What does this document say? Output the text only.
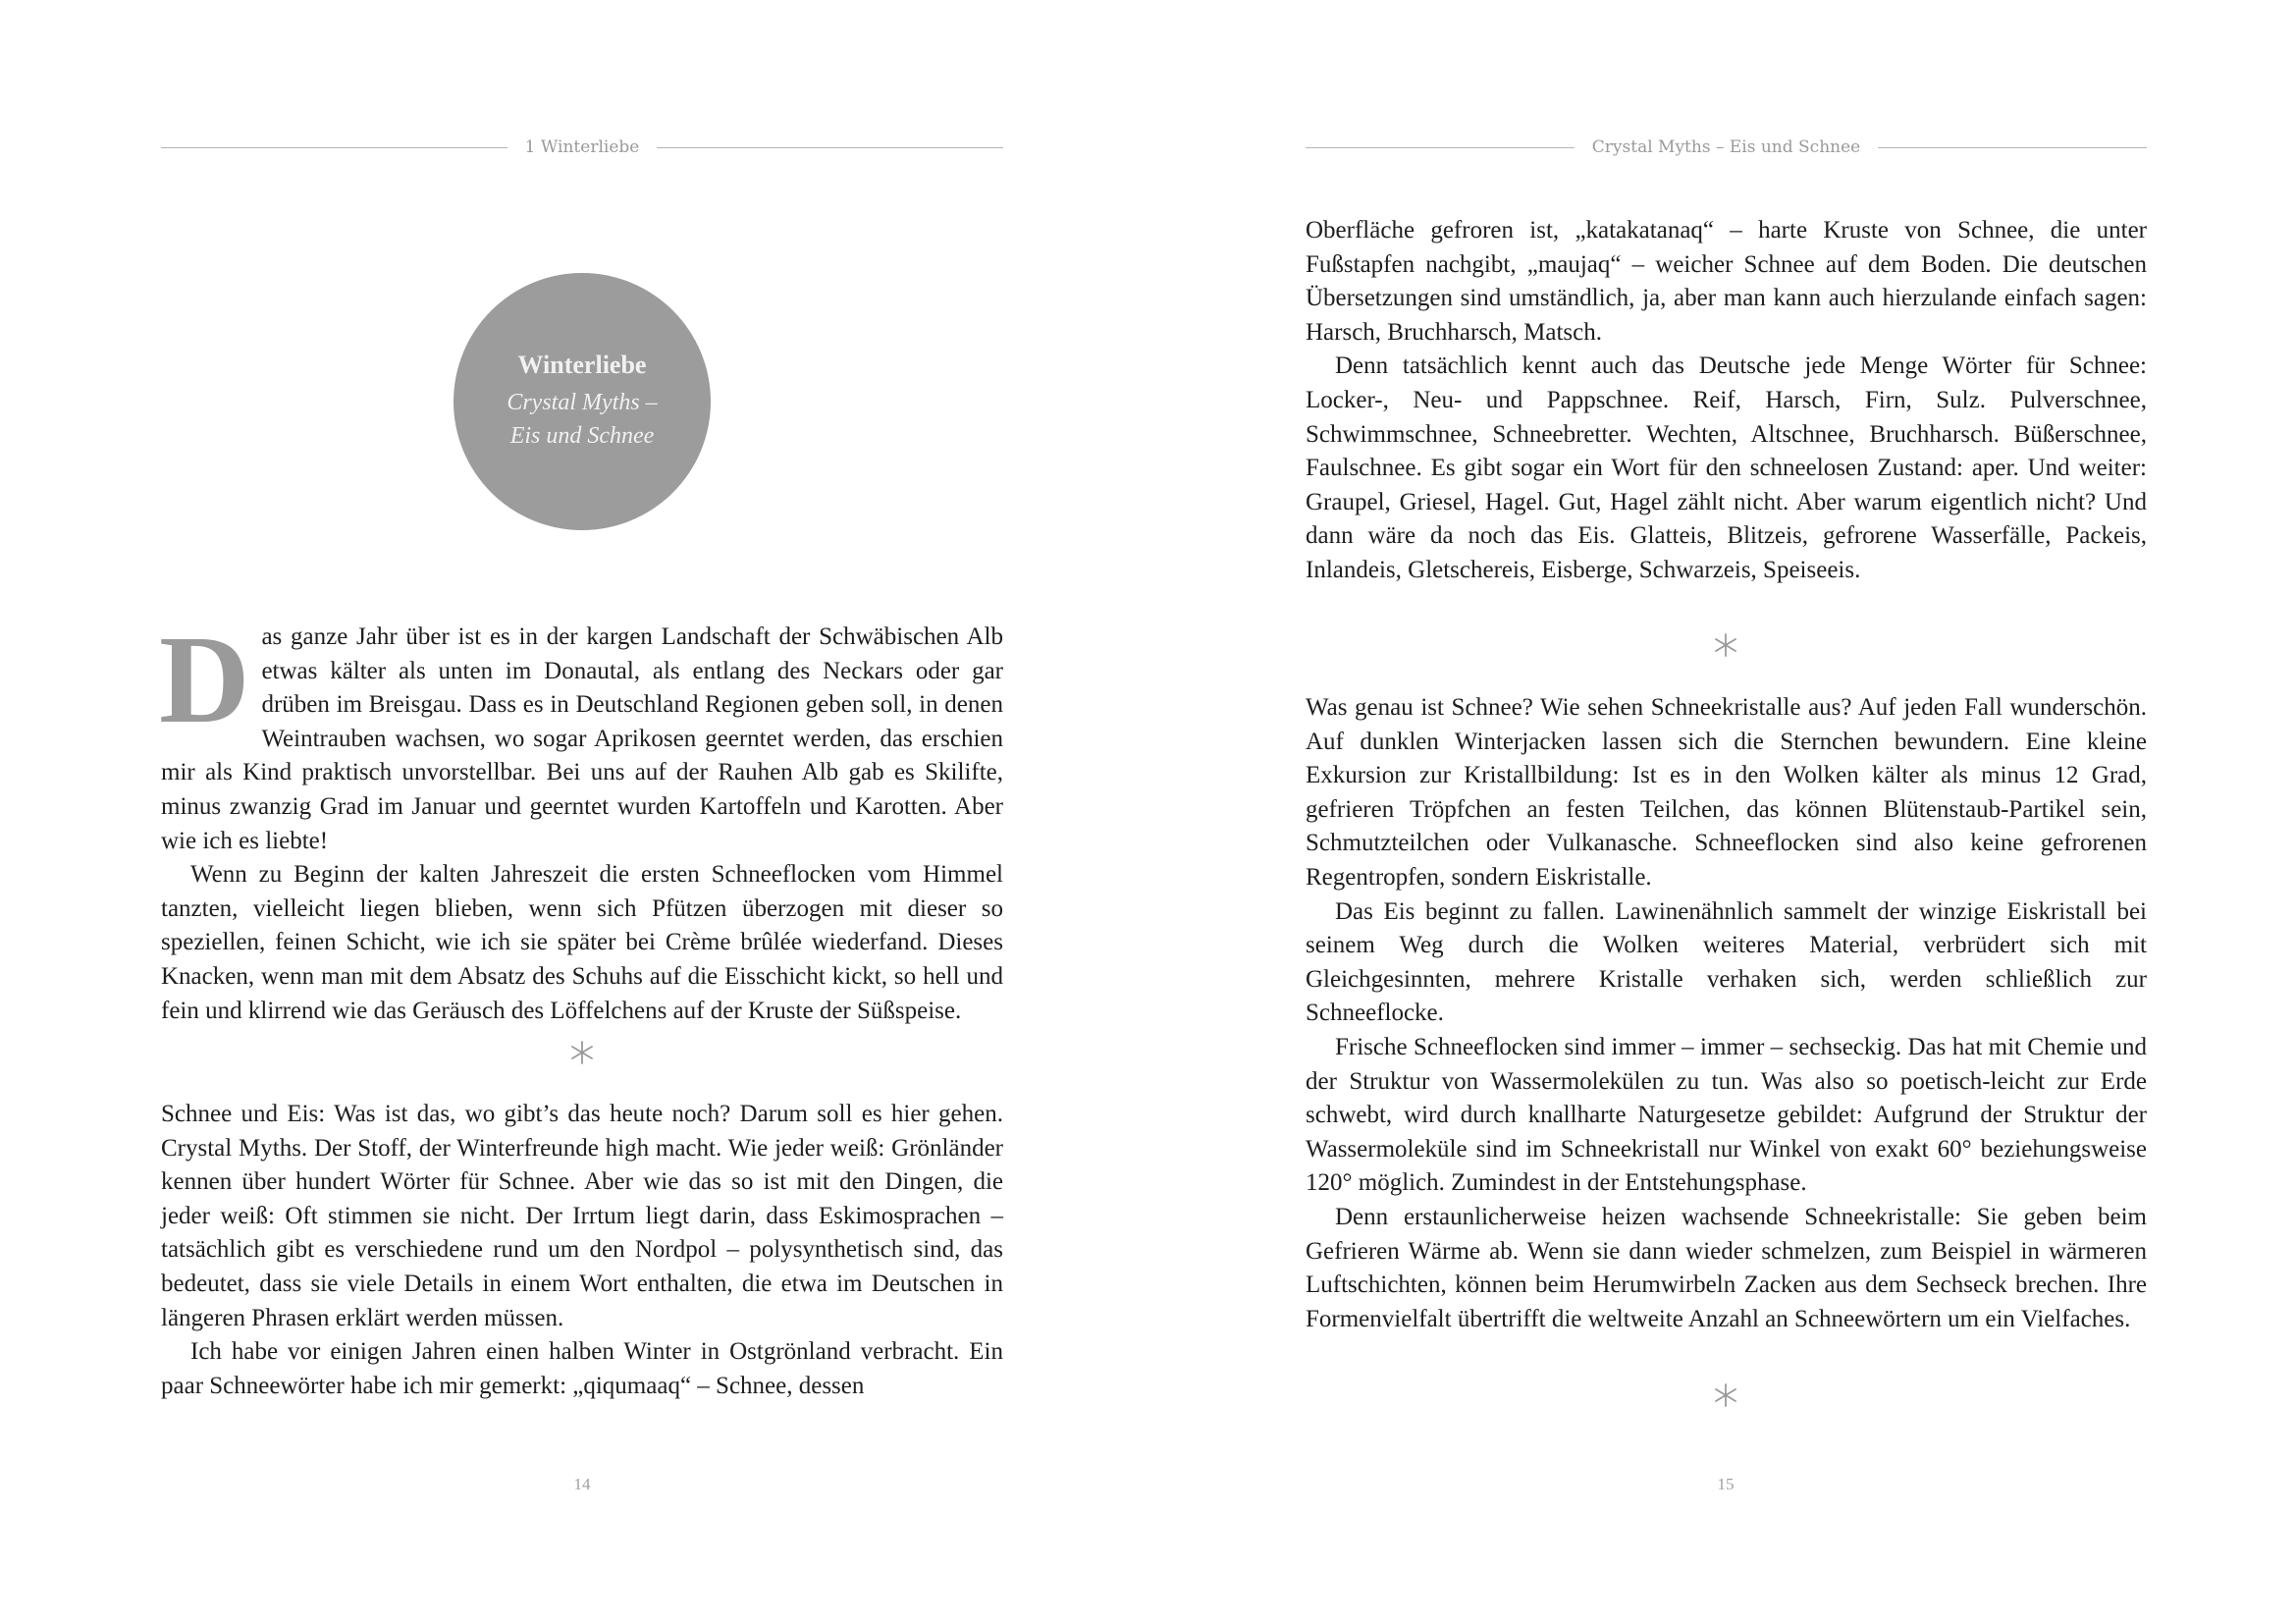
1 Winterliebe
Winterliebe
Crystal Myths –
Eis und Schnee

Das ganze Jahr über ist es in der kargen Landschaft der Schwäbischen Alb etwas kälter als unten im Donautal, als entlang des Neckars oder gar drüben im Breisgau. Dass es in Deutschland Regionen geben soll, in denen Weintrauben wachsen, wo sogar Aprikosen geerntet werden, das erschien mir als Kind praktisch unvorstellbar. Bei uns auf der Rauhen Alb gab es Skilifte, minus zwanzig Grad im Januar und geerntet wurden Kartoffeln und Karotten. Aber wie ich es liebte!

Wenn zu Beginn der kalten Jahreszeit die ersten Schneeflocken vom Himmel tanzten, vielleicht liegen blieben, wenn sich Pfützen überzogen mit dieser so speziellen, feinen Schicht, wie ich sie später bei Crème brûlée wiederfand. Dieses Knacken, wenn man mit dem Absatz des Schuhs auf die Eisschicht kickt, so hell und fein und klirrend wie das Geräusch des Löffelchens auf der Kruste der Süßspeise.

Schnee und Eis: Was ist das, wo gibt’s das heute noch? Darum soll es hier gehen. Crystal Myths. Der Stoff, der Winterfreunde high macht. Wie jeder weiß: Grönländer kennen über hundert Wörter für Schnee. Aber wie das so ist mit den Dingen, die jeder weiß: Oft stimmen sie nicht. Der Irrtum liegt darin, dass Eskimosprachen – tatsächlich gibt es verschiedene rund um den Nordpol – polysynthetisch sind, das bedeutet, dass sie viele Details in einem Wort enthalten, die etwa im Deutschen in längeren Phrasen erklärt werden müssen.

Ich habe vor einigen Jahren einen halben Winter in Ostgrönland verbracht. Ein paar Schneewörter habe ich mir gemerkt: „qiqumaaq“ – Schnee, dessen

14
Crystal Myths – Eis und Schnee

Oberfläche gefroren ist, „katakatanaq“ – harte Kruste von Schnee, die unter Fußstapfen nachgibt, „maujaq“ – weicher Schnee auf dem Boden. Die deutschen Übersetzungen sind umständlich, ja, aber man kann auch hierzulande einfach sagen: Harsch, Bruchharsch, Matsch.

Denn tatsächlich kennt auch das Deutsche jede Menge Wörter für Schnee: Locker-, Neu- und Pappschnee. Reif, Harsch, Firn, Sulz. Pulverschnee, Schwimmschnee, Schneebretter. Wechten, Altschnee, Bruchharsch. Büßerschnee, Faulschnee. Es gibt sogar ein Wort für den schneelosen Zustand: aper. Und weiter: Graupel, Griesel, Hagel. Gut, Hagel zählt nicht. Aber warum eigentlich nicht? Und dann wäre da noch das Eis. Glatteis, Blitzeis, gefrorene Wasserfälle, Packeis, Inlandeis, Gletschereis, Eisberge, Schwarzeis, Speiseeis.

Was genau ist Schnee? Wie sehen Schneekristalle aus? Auf jeden Fall wunderschön. Auf dunklen Winterjacken lassen sich die Sternchen bewundern. Eine kleine Exkursion zur Kristallbildung: Ist es in den Wolken kälter als minus 12 Grad, gefrieren Tröpfchen an festen Teilchen, das können Blütenstaub-Partikel sein, Schmutzteilchen oder Vulkanasche. Schneeflocken sind also keine gefrorenen Regentropfen, sondern Eiskristalle.

Das Eis beginnt zu fallen. Lawinenähnlich sammelt der winzige Eiskristall bei seinem Weg durch die Wolken weiteres Material, verbrüdert sich mit Gleichgesinnten, mehrere Kristalle verhaken sich, werden schließlich zur Schneeflocke.

Frische Schneeflocken sind immer – immer – sechseckig. Das hat mit Chemie und der Struktur von Wassermolekülen zu tun. Was also so poetisch-leicht zur Erde schwebt, wird durch knallharte Naturgesetze gebildet: Aufgrund der Struktur der Wassermoleküle sind im Schneekristall nur Winkel von exakt 60° beziehungsweise 120° möglich. Zumindest in der Entstehungsphase.

Denn erstaunlicherweise heizen wachsende Schneekristalle: Sie geben beim Gefrieren Wärme ab. Wenn sie dann wieder schmelzen, zum Beispiel in wärmeren Luftschichten, können beim Herumwirbeln Zacken aus dem Sechseck brechen. Ihre Formenvielfalt übertrifft die weltweite Anzahl an Schneewörtern um ein Vielfaches.

15
